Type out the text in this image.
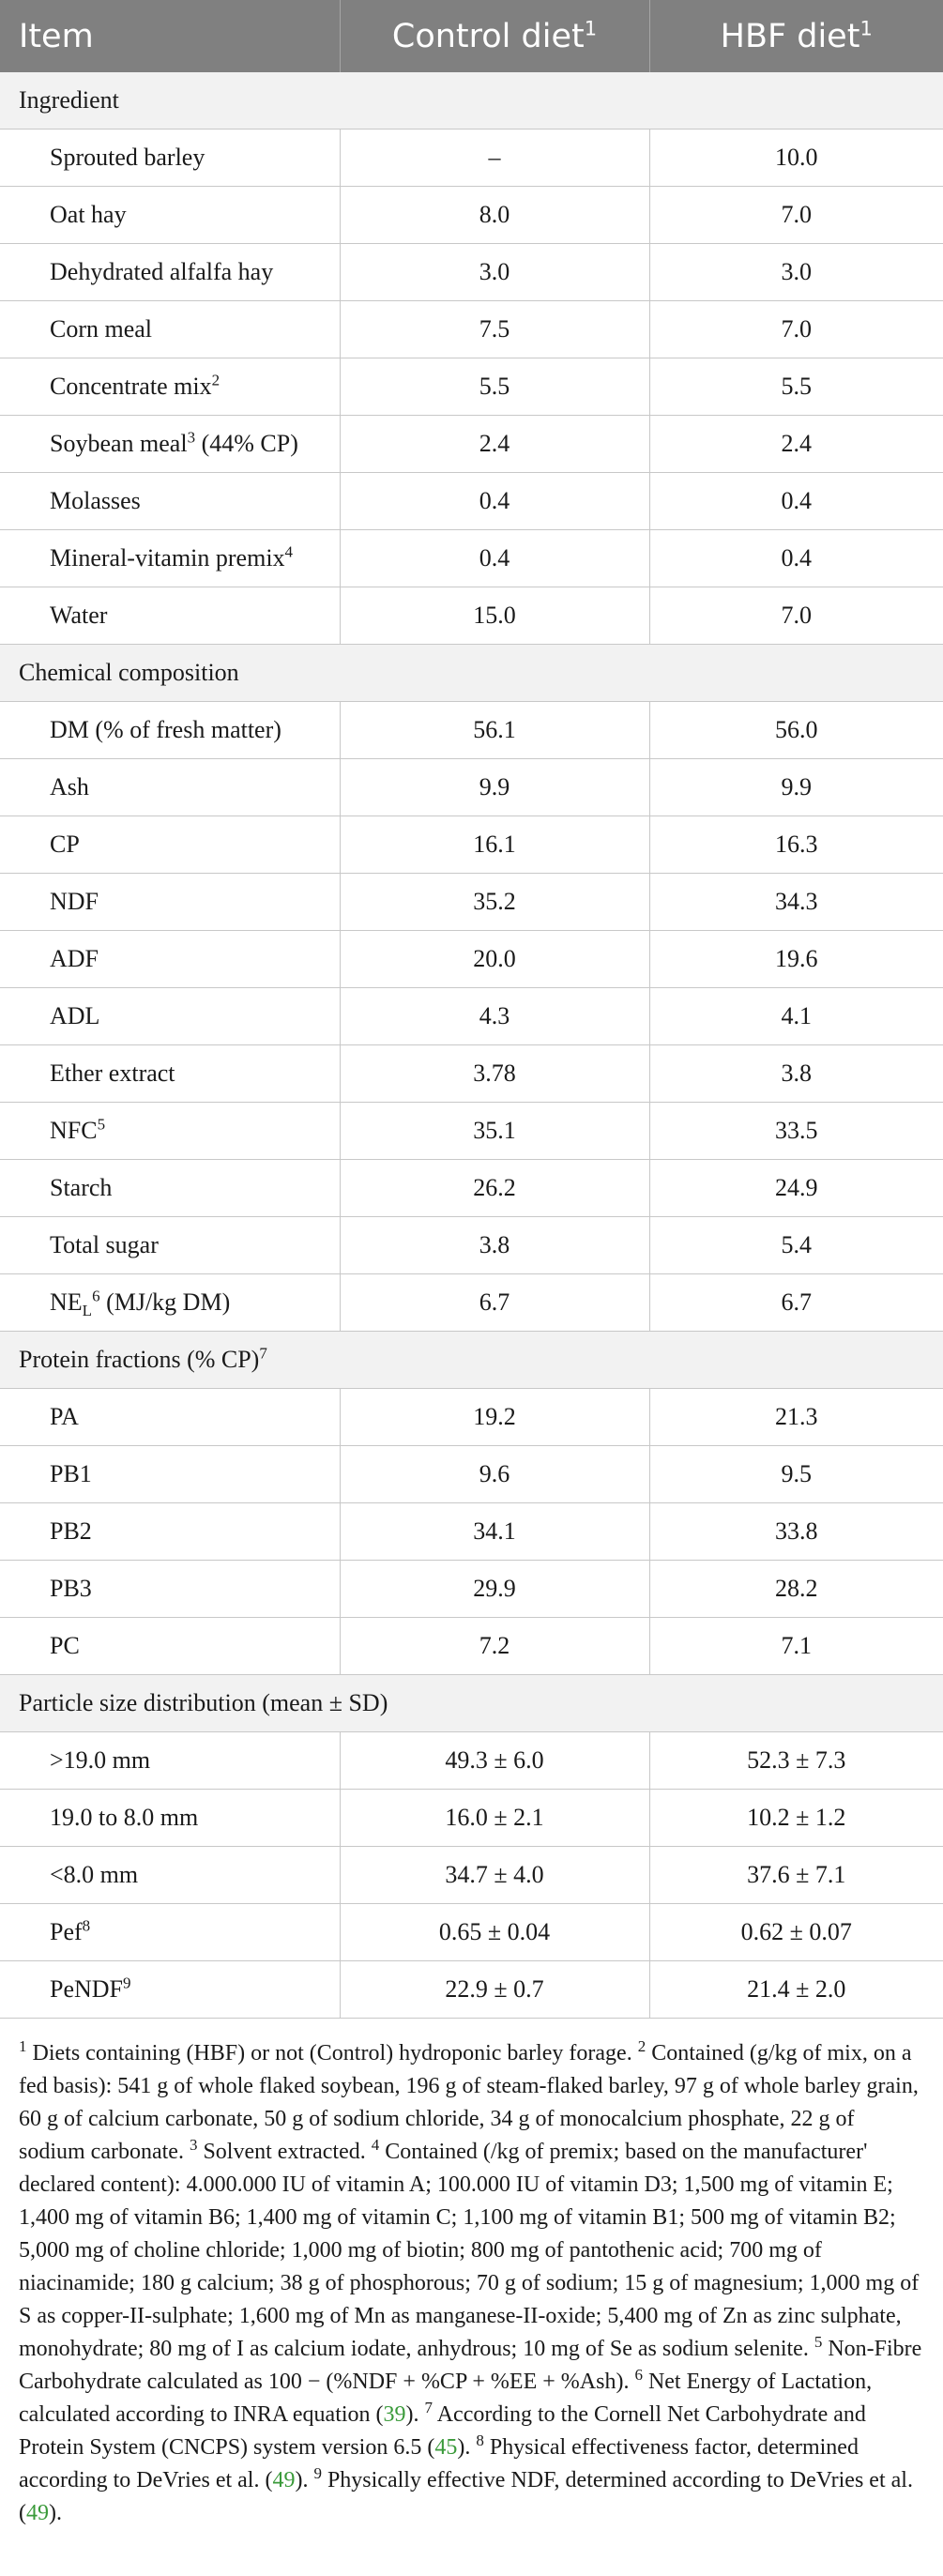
Item	Control diet$^1$	HBF diet$^1$
Ingredient		
Sprouted barley	–	10.0
Oat hay	8.0	7.0
Dehydrated alfalfa hay	3.0	3.0
Corn meal	7.5	7.0
Concentrate mix$^2$	5.5	5.5
Soybean meal$^3$ (44% CP)	2.4	2.4
Molasses	0.4	0.4
Mineral-vitamin premix$^4$	0.4	0.4
Water	15.0	7.0
Chemical composition		
DM (% of fresh matter)	56.1	56.0
Ash	9.9	9.9
CP	16.1	16.3
NDF	35.2	34.3
ADF	20.0	19.6
ADL	4.3	4.1
Ether extract	3.78	3.8
NFC$^5$	35.1	33.5
Starch	26.2	24.9
Total sugar	3.8	5.4
$NE_L^6$ (MJ/kg DM)	6.7	6.7
Protein fractions (% CP)$^7$
PA	19.2	21.3
PB1	9.6	9.5
PB2	34.1	33.8
PB3	29.9	28.2
PC	7.2	7.1
Particle size distribution (mean ± SD)		
>19.0 mm	49.3 ± 6.0	52.3 ± 7.3
19.0 to 8.0 mm	16.0 ± 2.1	10.2 ± 1.2
<8.0 mm	34.7 ± 4.0	37.6 ± 7.1
Pef$^8$	0.65 ± 0.04	0.62 ± 0.07
PeNDF$^9$	22.9 ± 0.7	21.4 ± 2.0
$^1$ Diets containing (HBF) or not (Control) hydroponic barley forage. $^2$ Contained (g/kg of mix, on a fed basis): 541 g of whole flaked soybean, 196 g of steam-flaked barley, 97 g of whole barley grain, 60 g of calcium carbonate, 50 g of sodium chloride, 34 g of monocalcium phosphate, 22 g of sodium carbonate. $^3$ Solvent extracted. $^4$ Contained (/kg of premix; based on the manufacturer' declared content): 4.000.000 IU of vitamin A; 100.000 IU of vitamin D3; 1,500 mg of vitamin E; 1,400 mg of vitamin B6; 1,400 mg of vitamin C; 1,100 mg of vitamin B1; 500 mg of vitamin B2; 5,000 mg of choline chloride; 1,000 mg of biotin; 800 mg of pantothenic acid; 700 mg of niacinamide; 180 g calcium; 38 g of phosphorous; 70 g of sodium; 15 g of magnesium; 1,000 mg of S as copper-II-sulphate; 1,600 mg of Mn as manganese-II-oxide; 5,400 mg of Zn as zinc sulphate, monohydrate; 80 mg of I as calcium iodate, anhydrous; 10 mg of Se as sodium selenite. $^5$ Non-Fibre Carbohydrate calculated as 100 − (%NDF + %CP + %EE + %Ash). $^6$ Net Energy of Lactation, calculated according to INRA equation (39). $^7$ According to the Cornell Net Carbohydrate and Protein System (CNCPS) system version 6.5 (45). $^8$ Physical effectiveness factor, determined according to DeVries et al. (49). $^9$ Physically effective NDF, determined according to DeVries et al. (49).
